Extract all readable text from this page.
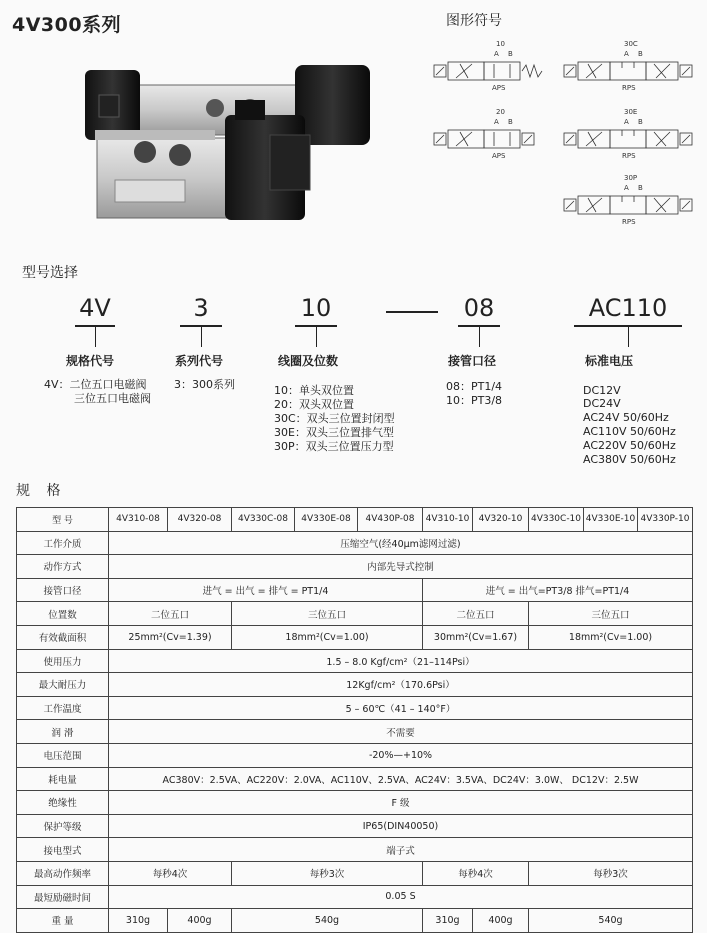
4V300系列	图形符号
10
A B
APS
20
A B
APS
30C
A B
RPS
30E
A B
RPS
30P
A B
RPS
型号选择
4V	3	10	08	AC110
规格代号
4V：二位五口电磁阀
三位五口电磁阀
系列代号
3：300系列
线圈及位数
10：单头双位置
20：双头双位置
30C：双头三位置封闭型
30E：双头三位置排气型
30P：双头三位置压力型
接管口径
08：PT1/4
10：PT3/8
标准电压
DC12V
DC24V
AC24V 50/60Hz
AC110V 50/60Hz
AC220V 50/60Hz
AC380V 50/60Hz
规 格
型 号	4V310-08	4V320-08	4V330C-08	4V330E-08	4V430P-08	4V310-10	4V320-10	4V330C-10	4V330E-10	4V330P-10
工作介质	压缩空气(经40μm滤网过滤)									
动作方式	内部先导式控制									
接管口径	进气 = 出气 = 排气 = PT1/4					进气 = 出气=PT3/8 排气=PT1/4				
位置数	二位五口		三位五口			二位五口		三位五口		
有效截面积	25mm²(Cv=1.39)		18mm²(Cv=1.00)			30mm²(Cv=1.67)		18mm²(Cv=1.00)		
使用压力	1.5 – 8.0 Kgf/cm²（21–114Psi）									
最大耐压力	12Kgf/cm²（170.6Psi）									
工作温度	5 – 60℃（41 – 140°F）									
润 滑	不需要									
电压范围	-20%—+10%									
耗电量	AC380V：2.5VA、AC220V：2.0VA、AC110V、2.5VA、AC24V：3.5VA、DC24V：3.0W、 DC12V：2.5W									
绝缘性	F 级									
保护等级	IP65(DIN40050)									
接电型式	端子式									
最高动作频率	每秒4次		每秒3次			每秒4次		每秒3次		
最短励磁时间	0.05 S									
重 量	310g	400g	540g			310g	400g	540g		
